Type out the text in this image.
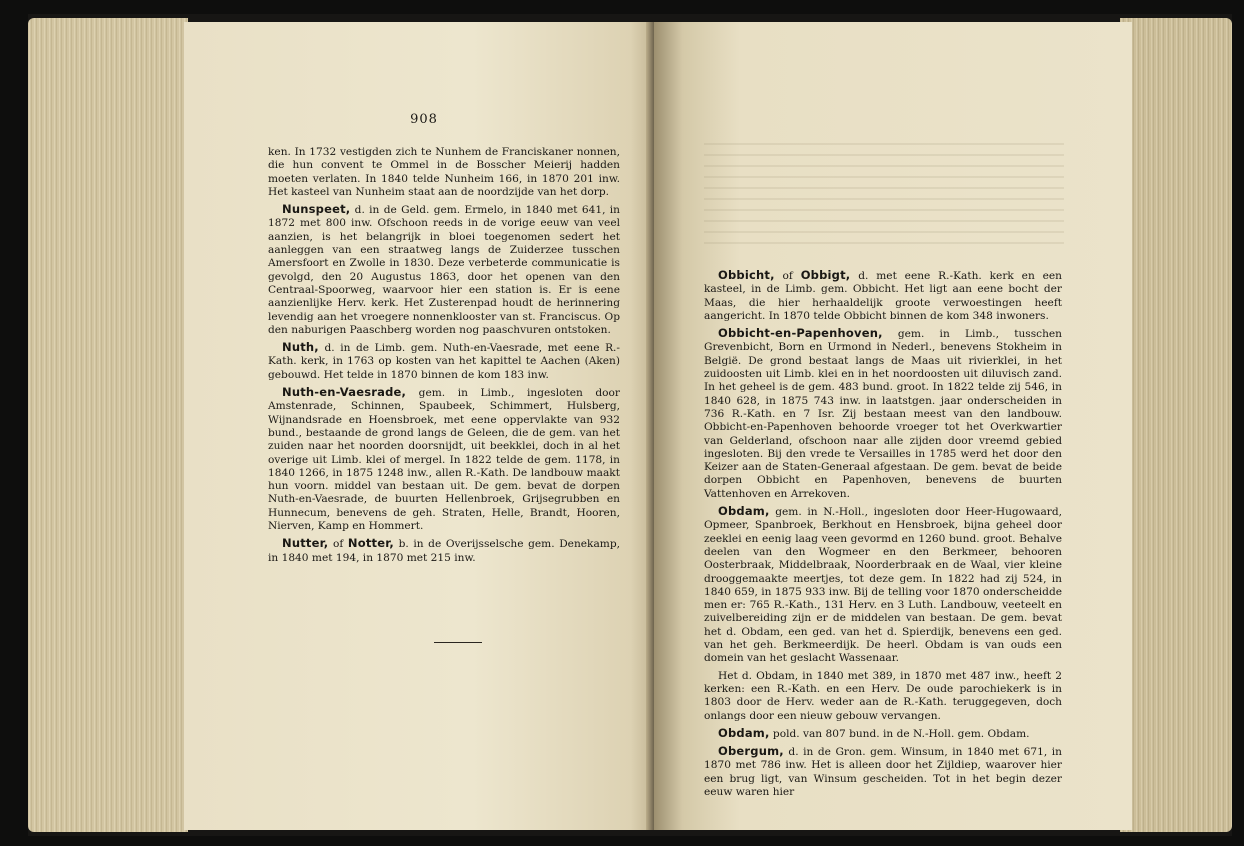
908

ken. In 1732 vestigden zich te Nunhem de Franciskaner nonnen, die hun convent te Ommel in de Bosscher Meierij hadden moeten verlaten. In 1840 telde Nunheim 166, in 1870 201 inw. Het kasteel van Nunheim staat aan de noordzijde van het dorp.

Nunspeet, d. in de Geld. gem. Ermelo, in 1840 met 641, in 1872 met 800 inw. Ofschoon reeds in de vorige eeuw van veel aanzien, is het belangrijk in bloei toegenomen sedert het aanleggen van een straatweg langs de Zuiderzee tusschen Amersfoort en Zwolle in 1830. Deze verbeterde communicatie is gevolgd, den 20 Augustus 1863, door het openen van den Centraal-Spoorweg, waarvoor hier een station is. Er is eene aanzienlijke Herv. kerk. Het Zusterenpad houdt de herinnering levendig aan het vroegere nonnenklooster van st. Franciscus. Op den naburigen Paaschberg worden nog paaschvuren ontstoken.

Nuth, d. in de Limb. gem. Nuth-en-Vaesrade, met eene R.-Kath. kerk, in 1763 op kosten van het kapittel te Aachen (Aken) gebouwd. Het telde in 1870 binnen de kom 183 inw.

Nuth-en-Vaesrade, gem. in Limb., ingesloten door Amstenrade, Schinnen, Spaubeek, Schimmert, Hulsberg, Wijnandsrade en Hoensbroek, met eene oppervlakte van 932 bund., bestaande de grond langs de Geleen, die de gem. van het zuiden naar het noorden doorsnijdt, uit beekklei, doch in al het overige uit Limb. klei of mergel. In 1822 telde de gem. 1178, in 1840 1266, in 1875 1248 inw., allen R.-Kath. De landbouw maakt hun voorn. middel van bestaan uit. De gem. bevat de dorpen Nuth-en-Vaesrade, de buurten Hellenbroek, Grijsegrubben en Hunnecum, benevens de geh. Straten, Helle, Brandt, Hooren, Nierven, Kamp en Hommert.

Nutter, of Notter, b. in de Overijsselsche gem. Denekamp, in 1840 met 194, in 1870 met 215 inw.

Obbicht, of Obbigt, d. met eene R.-Kath. kerk en een kasteel, in de Limb. gem. Obbicht. Het ligt aan eene bocht der Maas, die hier herhaaldelijk groote verwoestingen heeft aangericht. In 1870 telde Obbicht binnen de kom 348 inwoners.

Obbicht-en-Papenhoven, gem. in Limb., tusschen Grevenbicht, Born en Urmond in Nederl., benevens Stokheim in België. De grond bestaat langs de Maas uit rivierklei, in het zuidoosten uit Limb. klei en in het noordoosten uit diluvisch zand. In het geheel is de gem. 483 bund. groot. In 1822 telde zij 546, in 1840 628, in 1875 743 inw. in laatstgen. jaar onderscheiden in 736 R.-Kath. en 7 Isr. Zij bestaan meest van den landbouw. Obbicht-en-Papenhoven behoorde vroeger tot het Overkwartier van Gelderland, ofschoon naar alle zijden door vreemd gebied ingesloten. Bij den vrede te Versailles in 1785 werd het door den Keizer aan de Staten-Generaal afgestaan. De gem. bevat de beide dorpen Obbicht en Papenhoven, benevens de buurten Vattenhoven en Arrekoven.

Obdam, gem. in N.-Holl., ingesloten door Heer-Hugowaard, Opmeer, Spanbroek, Berkhout en Hensbroek, bijna geheel door zeeklei en eenig laag veen gevormd en 1260 bund. groot. Behalve deelen van den Wogmeer en den Berkmeer, behooren Oosterbraak, Middelbraak, Noorderbraak en de Waal, vier kleine drooggemaakte meertjes, tot deze gem. In 1822 had zij 524, in 1840 659, in 1875 933 inw. Bij de telling voor 1870 onderscheidde men er: 765 R.-Kath., 131 Herv. en 3 Luth. Landbouw, veeteelt en zuivelbereiding zijn er de middelen van bestaan. De gem. bevat het d. Obdam, een ged. van het d. Spierdijk, benevens een ged. van het geh. Berkmeerdijk. De heerl. Obdam is van ouds een domein van het geslacht Wassenaar.

Het d. Obdam, in 1840 met 389, in 1870 met 487 inw., heeft 2 kerken: een R.-Kath. en een Herv. De oude parochiekerk is in 1803 door de Herv. weder aan de R.-Kath. teruggegeven, doch onlangs door een nieuw gebouw vervangen.

Obdam, pold. van 807 bund. in de N.-Holl. gem. Obdam.

Obergum, d. in de Gron. gem. Winsum, in 1840 met 671, in 1870 met 786 inw. Het is alleen door het Zijldiep, waarover hier een brug ligt, van Winsum gescheiden. Tot in het begin dezer eeuw waren hier
